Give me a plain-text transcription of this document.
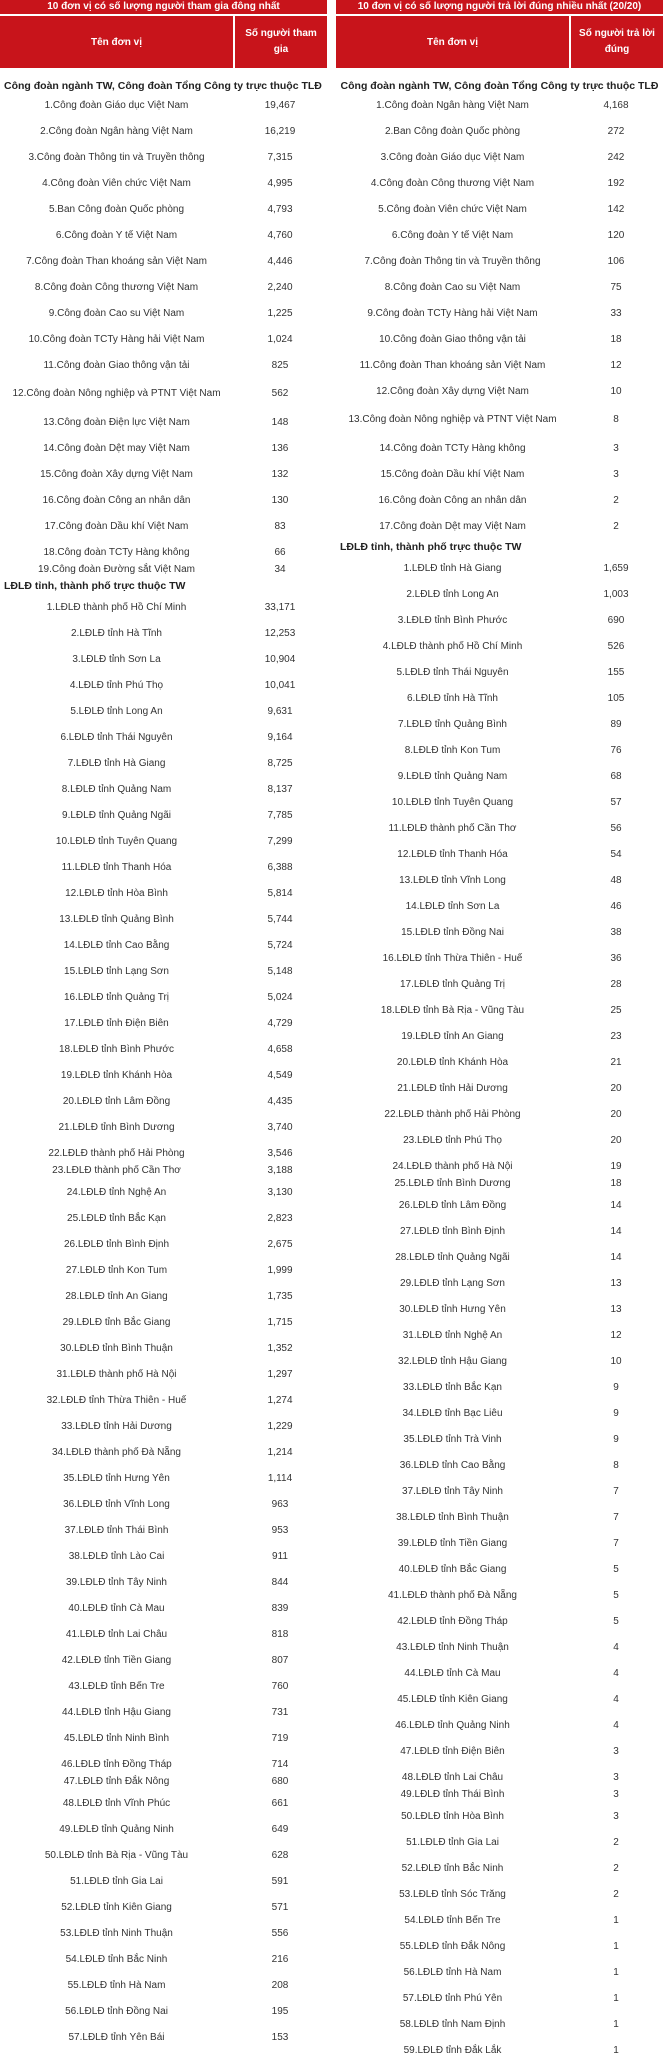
10 đơn vị có số lượng người tham gia đông nhất
Tên đơn vị
Số người tham gia
Công đoàn ngành TW, Công đoàn Tổng Công ty trực thuộc TLĐ
1.Công đoàn Giáo dục Việt Nam	19,467
2.Công đoàn Ngân hàng Việt Nam	16,219
3.Công đoàn Thông tin và Truyền thông	7,315
4.Công đoàn Viên chức Việt Nam	4,995
5.Ban Công đoàn Quốc phòng	4,793
6.Công đoàn Y tế Việt Nam	4,760
7.Công đoàn Than khoáng sản Việt Nam	4,446
8.Công đoàn Công thương Việt Nam	2,240
9.Công đoàn Cao su Việt Nam	1,225
10.Công đoàn TCTy Hàng hải Việt Nam	1,024
11.Công đoàn Giao thông vận tải	825
12.Công đoàn Nông nghiệp và PTNT Việt Nam	562
13.Công đoàn Điện lực Việt Nam	148
14.Công đoàn Dệt may Việt Nam	136
15.Công đoàn Xây dựng Việt Nam	132
16.Công đoàn Công an nhân dân	130
17.Công đoàn Dầu khí Việt Nam	83
18.Công đoàn TCTy Hàng không	66
19.Công đoàn Đường sắt Việt Nam	34
LĐLĐ tỉnh, thành phố trực thuộc TW
1.LĐLĐ thành phố Hồ Chí Minh	33,171
2.LĐLĐ tỉnh Hà Tĩnh	12,253
3.LĐLĐ tỉnh Sơn La	10,904
4.LĐLĐ tỉnh Phú Thọ	10,041
5.LĐLĐ tỉnh Long An	9,631
6.LĐLĐ tỉnh Thái Nguyên	9,164
7.LĐLĐ tỉnh Hà Giang	8,725
8.LĐLĐ tỉnh Quảng Nam	8,137
9.LĐLĐ tỉnh Quảng Ngãi	7,785
10.LĐLĐ tỉnh Tuyên Quang	7,299
11.LĐLĐ tỉnh Thanh Hóa	6,388
12.LĐLĐ tỉnh Hòa Bình	5,814
13.LĐLĐ tỉnh Quảng Bình	5,744
14.LĐLĐ tỉnh Cao Bằng	5,724
15.LĐLĐ tỉnh Lạng Sơn	5,148
16.LĐLĐ tỉnh Quảng Trị	5,024
17.LĐLĐ tỉnh Điện Biên	4,729
18.LĐLĐ tỉnh Bình Phước	4,658
19.LĐLĐ tỉnh Khánh Hòa	4,549
20.LĐLĐ tỉnh Lâm Đồng	4,435
21.LĐLĐ tỉnh Bình Dương	3,740
22.LĐLĐ thành phố Hải Phòng	3,546
23.LĐLĐ thành phố Cần Thơ	3,188
24.LĐLĐ tỉnh Nghệ An	3,130
25.LĐLĐ tỉnh Bắc Kạn	2,823
26.LĐLĐ tỉnh Bình Định	2,675
27.LĐLĐ tỉnh Kon Tum	1,999
28.LĐLĐ tỉnh An Giang	1,735
29.LĐLĐ tỉnh Bắc Giang	1,715
30.LĐLĐ tỉnh Bình Thuận	1,352
31.LĐLĐ thành phố Hà Nội	1,297
32.LĐLĐ tỉnh Thừa Thiên - Huế	1,274
33.LĐLĐ tỉnh Hải Dương	1,229
34.LĐLĐ thành phố Đà Nẵng	1,214
35.LĐLĐ tỉnh Hưng Yên	1,114
36.LĐLĐ tỉnh Vĩnh Long	963
37.LĐLĐ tỉnh Thái Bình	953
38.LĐLĐ tỉnh Lào Cai	911
39.LĐLĐ tỉnh Tây Ninh	844
40.LĐLĐ tỉnh Cà Mau	839
41.LĐLĐ tỉnh Lai Châu	818
42.LĐLĐ tỉnh Tiền Giang	807
43.LĐLĐ tỉnh Bến Tre	760
44.LĐLĐ tỉnh Hậu Giang	731
45.LĐLĐ tỉnh Ninh Bình	719
46.LĐLĐ tỉnh Đồng Tháp	714
47.LĐLĐ tỉnh Đắk Nông	680
48.LĐLĐ tỉnh Vĩnh Phúc	661
49.LĐLĐ tỉnh Quảng Ninh	649
50.LĐLĐ tỉnh Bà Rịa - Vũng Tàu	628
51.LĐLĐ tỉnh Gia Lai	591
52.LĐLĐ tỉnh Kiên Giang	571
53.LĐLĐ tỉnh Ninh Thuận	556
54.LĐLĐ tỉnh Bắc Ninh	216
55.LĐLĐ tỉnh Hà Nam	208
56.LĐLĐ tỉnh Đồng Nai	195
57.LĐLĐ tỉnh Yên Bái	153
10 đơn vị có số lượng người trả lời đúng nhiều nhất (20/20)
Tên đơn vị
Số người trả lời đúng
Công đoàn ngành TW, Công đoàn Tổng Công ty trực thuộc TLĐ
1.Công đoàn Ngân hàng Việt Nam	4,168
2.Ban Công đoàn Quốc phòng	272
3.Công đoàn Giáo dục Việt Nam	242
4.Công đoàn Công thương Việt Nam	192
5.Công đoàn Viên chức Việt Nam	142
6.Công đoàn Y tế Việt Nam	120
7.Công đoàn Thông tin và Truyền thông	106
8.Công đoàn Cao su Việt Nam	75
9.Công đoàn TCTy Hàng hải Việt Nam	33
10.Công đoàn Giao thông vận tải	18
11.Công đoàn Than khoáng sản Việt Nam	12
12.Công đoàn Xây dựng Việt Nam	10
13.Công đoàn Nông nghiệp và PTNT Việt Nam	8
14.Công đoàn TCTy Hàng không	3
15.Công đoàn Dầu khí Việt Nam	3
16.Công đoàn Công an nhân dân	2
17.Công đoàn Dệt may Việt Nam	2
LĐLĐ tỉnh, thành phố trực thuộc TW
1.LĐLĐ tỉnh Hà Giang	1,659
2.LĐLĐ tỉnh Long An	1,003
3.LĐLĐ tỉnh Bình Phước	690
4.LĐLĐ thành phố Hồ Chí Minh	526
5.LĐLĐ tỉnh Thái Nguyên	155
6.LĐLĐ tỉnh Hà Tĩnh	105
7.LĐLĐ tỉnh Quảng Bình	89
8.LĐLĐ tỉnh Kon Tum	76
9.LĐLĐ tỉnh Quảng Nam	68
10.LĐLĐ tỉnh Tuyên Quang	57
11.LĐLĐ thành phố Cần Thơ	56
12.LĐLĐ tỉnh Thanh Hóa	54
13.LĐLĐ tỉnh Vĩnh Long	48
14.LĐLĐ tỉnh Sơn La	46
15.LĐLĐ tỉnh Đồng Nai	38
16.LĐLĐ tỉnh Thừa Thiên - Huế	36
17.LĐLĐ tỉnh Quảng Trị	28
18.LĐLĐ tỉnh Bà Rịa - Vũng Tàu	25
19.LĐLĐ tỉnh An Giang	23
20.LĐLĐ tỉnh Khánh Hòa	21
21.LĐLĐ tỉnh Hải Dương	20
22.LĐLĐ thành phố Hải Phòng	20
23.LĐLĐ tỉnh Phú Thọ	20
24.LĐLĐ thành phố Hà Nội	19
25.LĐLĐ tỉnh Bình Dương	18
26.LĐLĐ tỉnh Lâm Đồng	14
27.LĐLĐ tỉnh Bình Định	14
28.LĐLĐ tỉnh Quảng Ngãi	14
29.LĐLĐ tỉnh Lạng Sơn	13
30.LĐLĐ tỉnh Hưng Yên	13
31.LĐLĐ tỉnh Nghệ An	12
32.LĐLĐ tỉnh Hậu Giang	10
33.LĐLĐ tỉnh Bắc Kạn	9
34.LĐLĐ tỉnh Bạc Liêu	9
35.LĐLĐ tỉnh Trà Vinh	9
36.LĐLĐ tỉnh Cao Bằng	8
37.LĐLĐ tỉnh Tây Ninh	7
38.LĐLĐ tỉnh Bình Thuận	7
39.LĐLĐ tỉnh Tiền Giang	7
40.LĐLĐ tỉnh Bắc Giang	5
41.LĐLĐ thành phố Đà Nẵng	5
42.LĐLĐ tỉnh Đồng Tháp	5
43.LĐLĐ tỉnh Ninh Thuận	4
44.LĐLĐ tỉnh Cà Mau	4
45.LĐLĐ tỉnh Kiên Giang	4
46.LĐLĐ tỉnh Quảng Ninh	4
47.LĐLĐ tỉnh Điện Biên	3
48.LĐLĐ tỉnh Lai Châu	3
49.LĐLĐ tỉnh Thái Bình	3
50.LĐLĐ tỉnh Hòa Bình	3
51.LĐLĐ tỉnh Gia Lai	2
52.LĐLĐ tỉnh Bắc Ninh	2
53.LĐLĐ tỉnh Sóc Trăng	2
54.LĐLĐ tỉnh Bến Tre	1
55.LĐLĐ tỉnh Đắk Nông	1
56.LĐLĐ tỉnh Hà Nam	1
57.LĐLĐ tỉnh Phú Yên	1
58.LĐLĐ tỉnh Nam Định	1
59.LĐLĐ tỉnh Đắk Lắk	1
